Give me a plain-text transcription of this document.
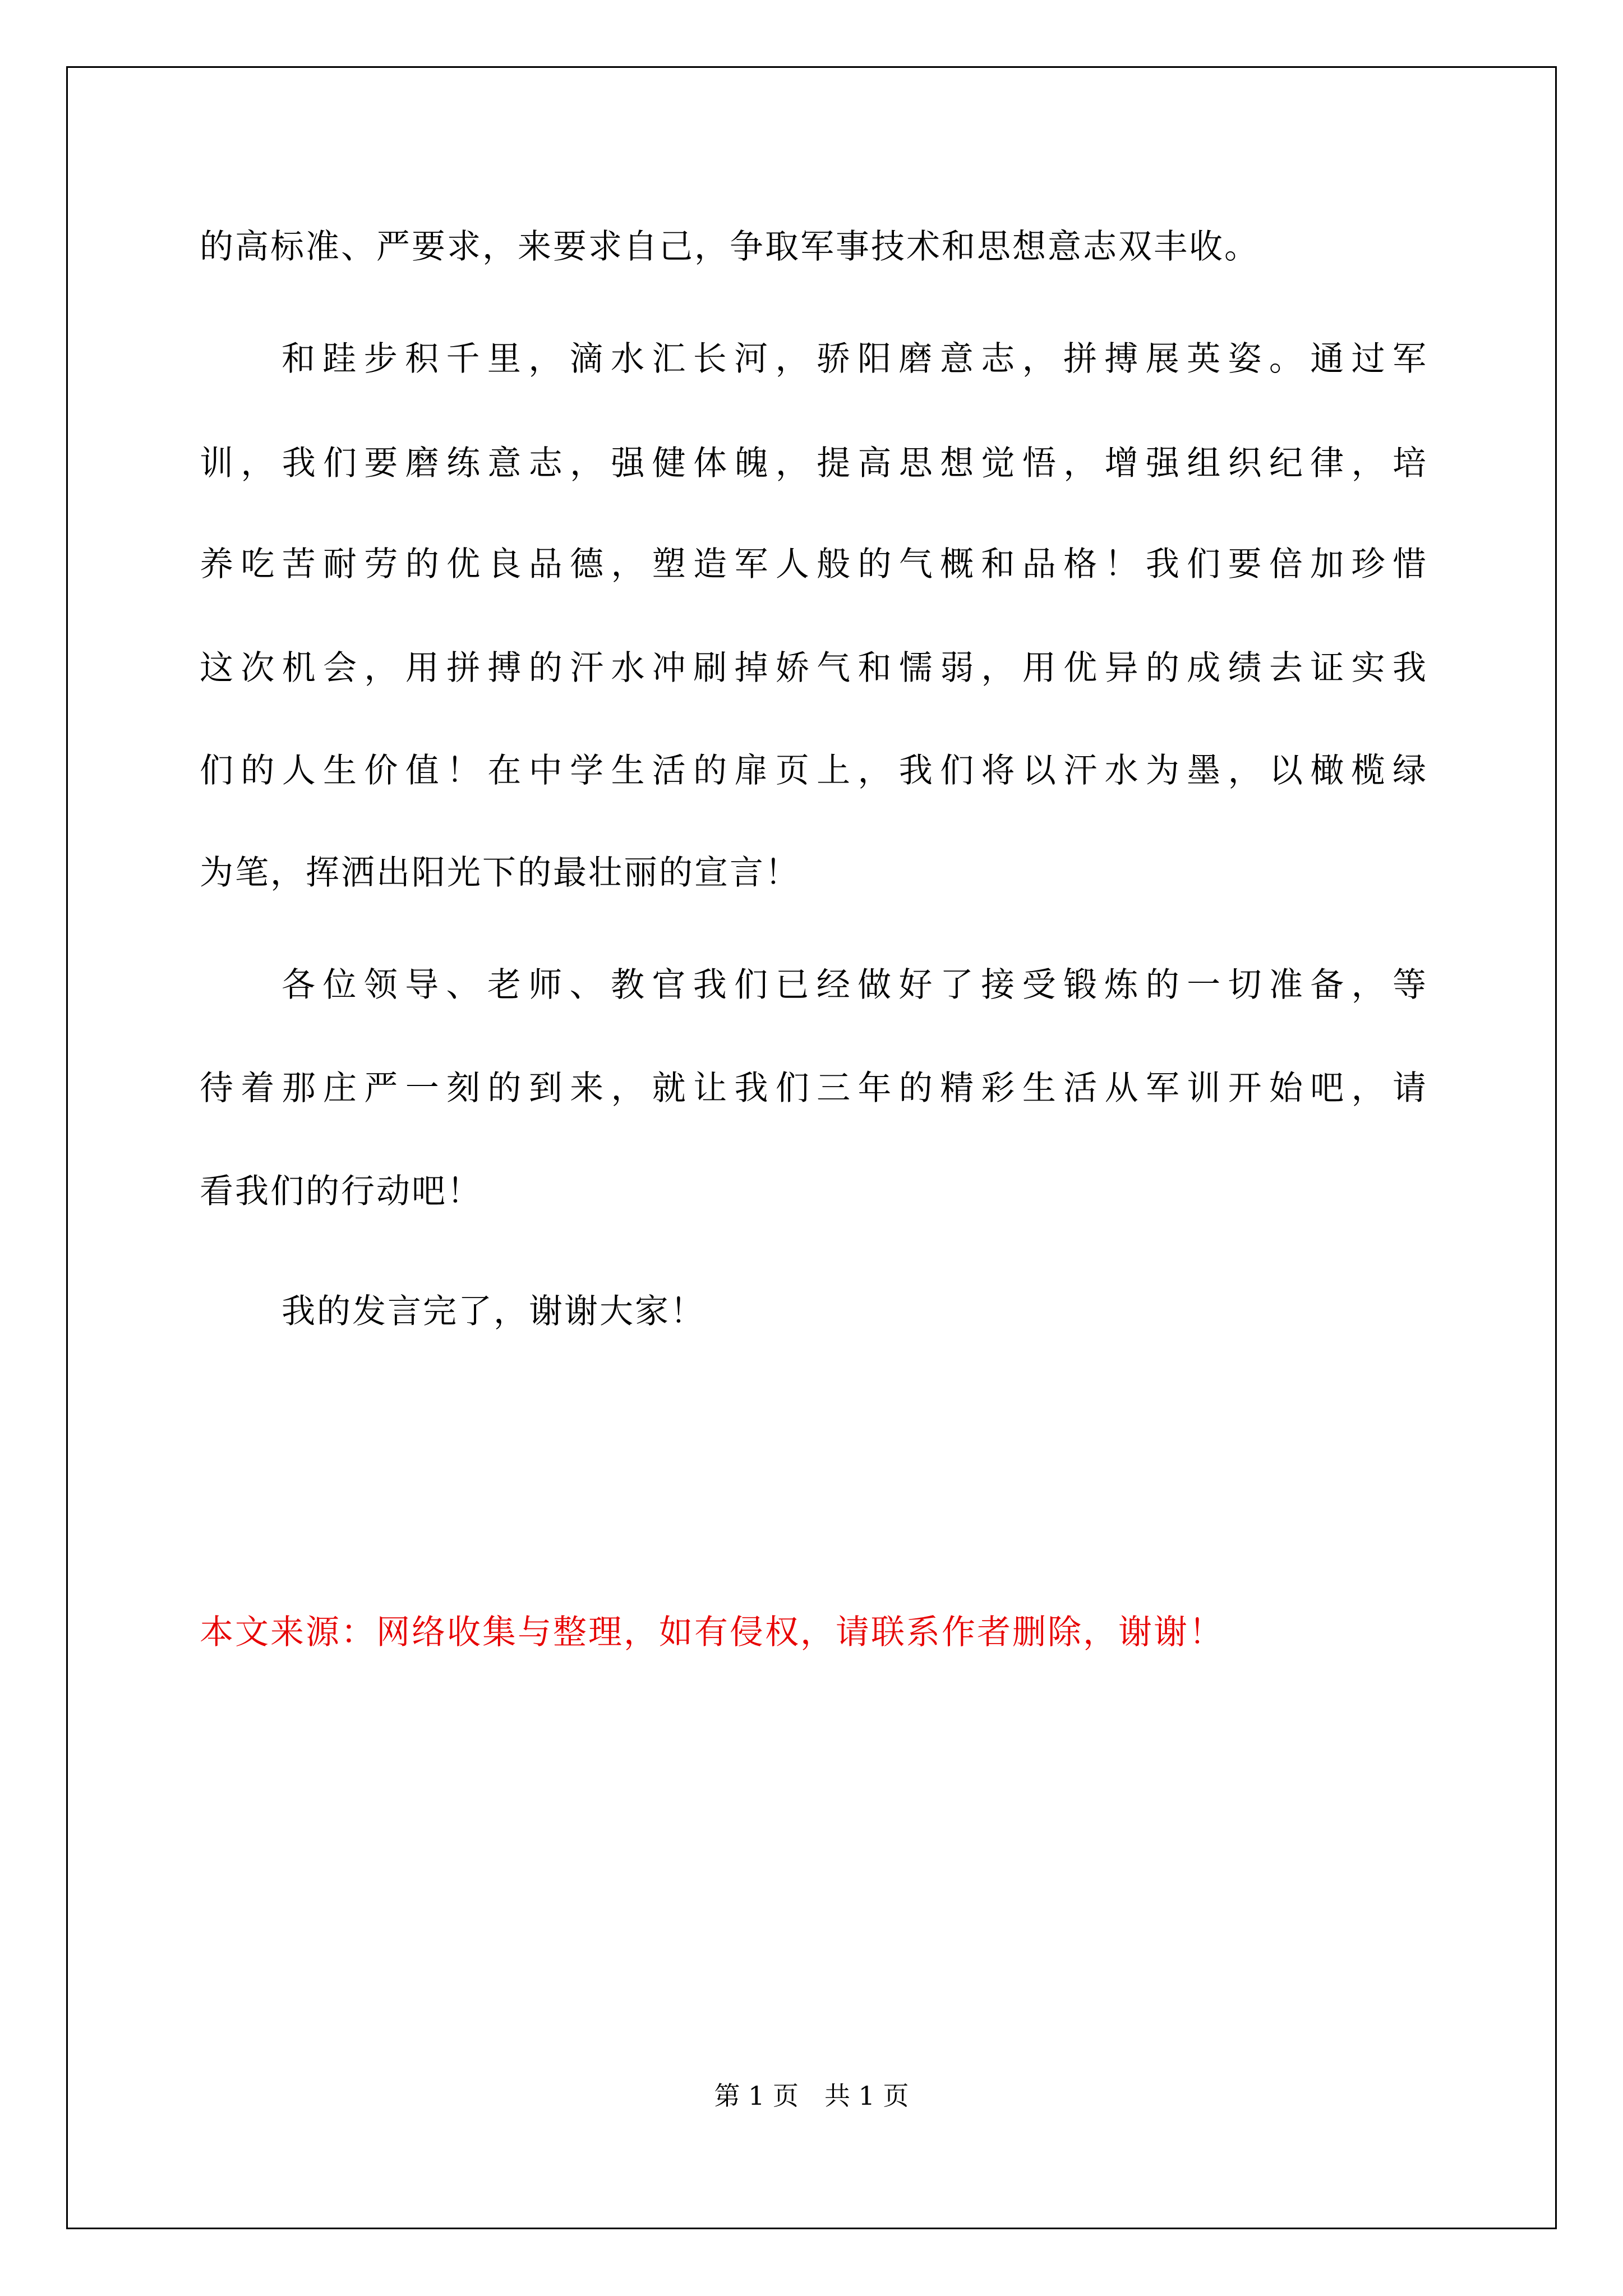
的高标准、严要求，来要求自己，争取军事技术和思想意志双丰收。
和跬步积千里，滴水汇长河，骄阳磨意志，拼搏展英姿。通过军
训，我们要磨练意志，强健体魄，提高思想觉悟，增强组织纪律，培
养吃苦耐劳的优良品德，塑造军人般的气概和品格！我们要倍加珍惜
这次机会，用拼搏的汗水冲刷掉娇气和懦弱，用优异的成绩去证实我
们的人生价值！在中学生活的扉页上，我们将以汗水为墨，以橄榄绿
为笔，挥洒出阳光下的最壮丽的宣言！
各位领导、老师、教官我们已经做好了接受锻炼的一切准备，等
待着那庄严一刻的到来，就让我们三年的精彩生活从军训开始吧，请
看我们的行动吧！
我的发言完了，谢谢大家！
本文来源：网络收集与整理，如有侵权，请联系作者删除，谢谢！
第 1 页　共 1 页
